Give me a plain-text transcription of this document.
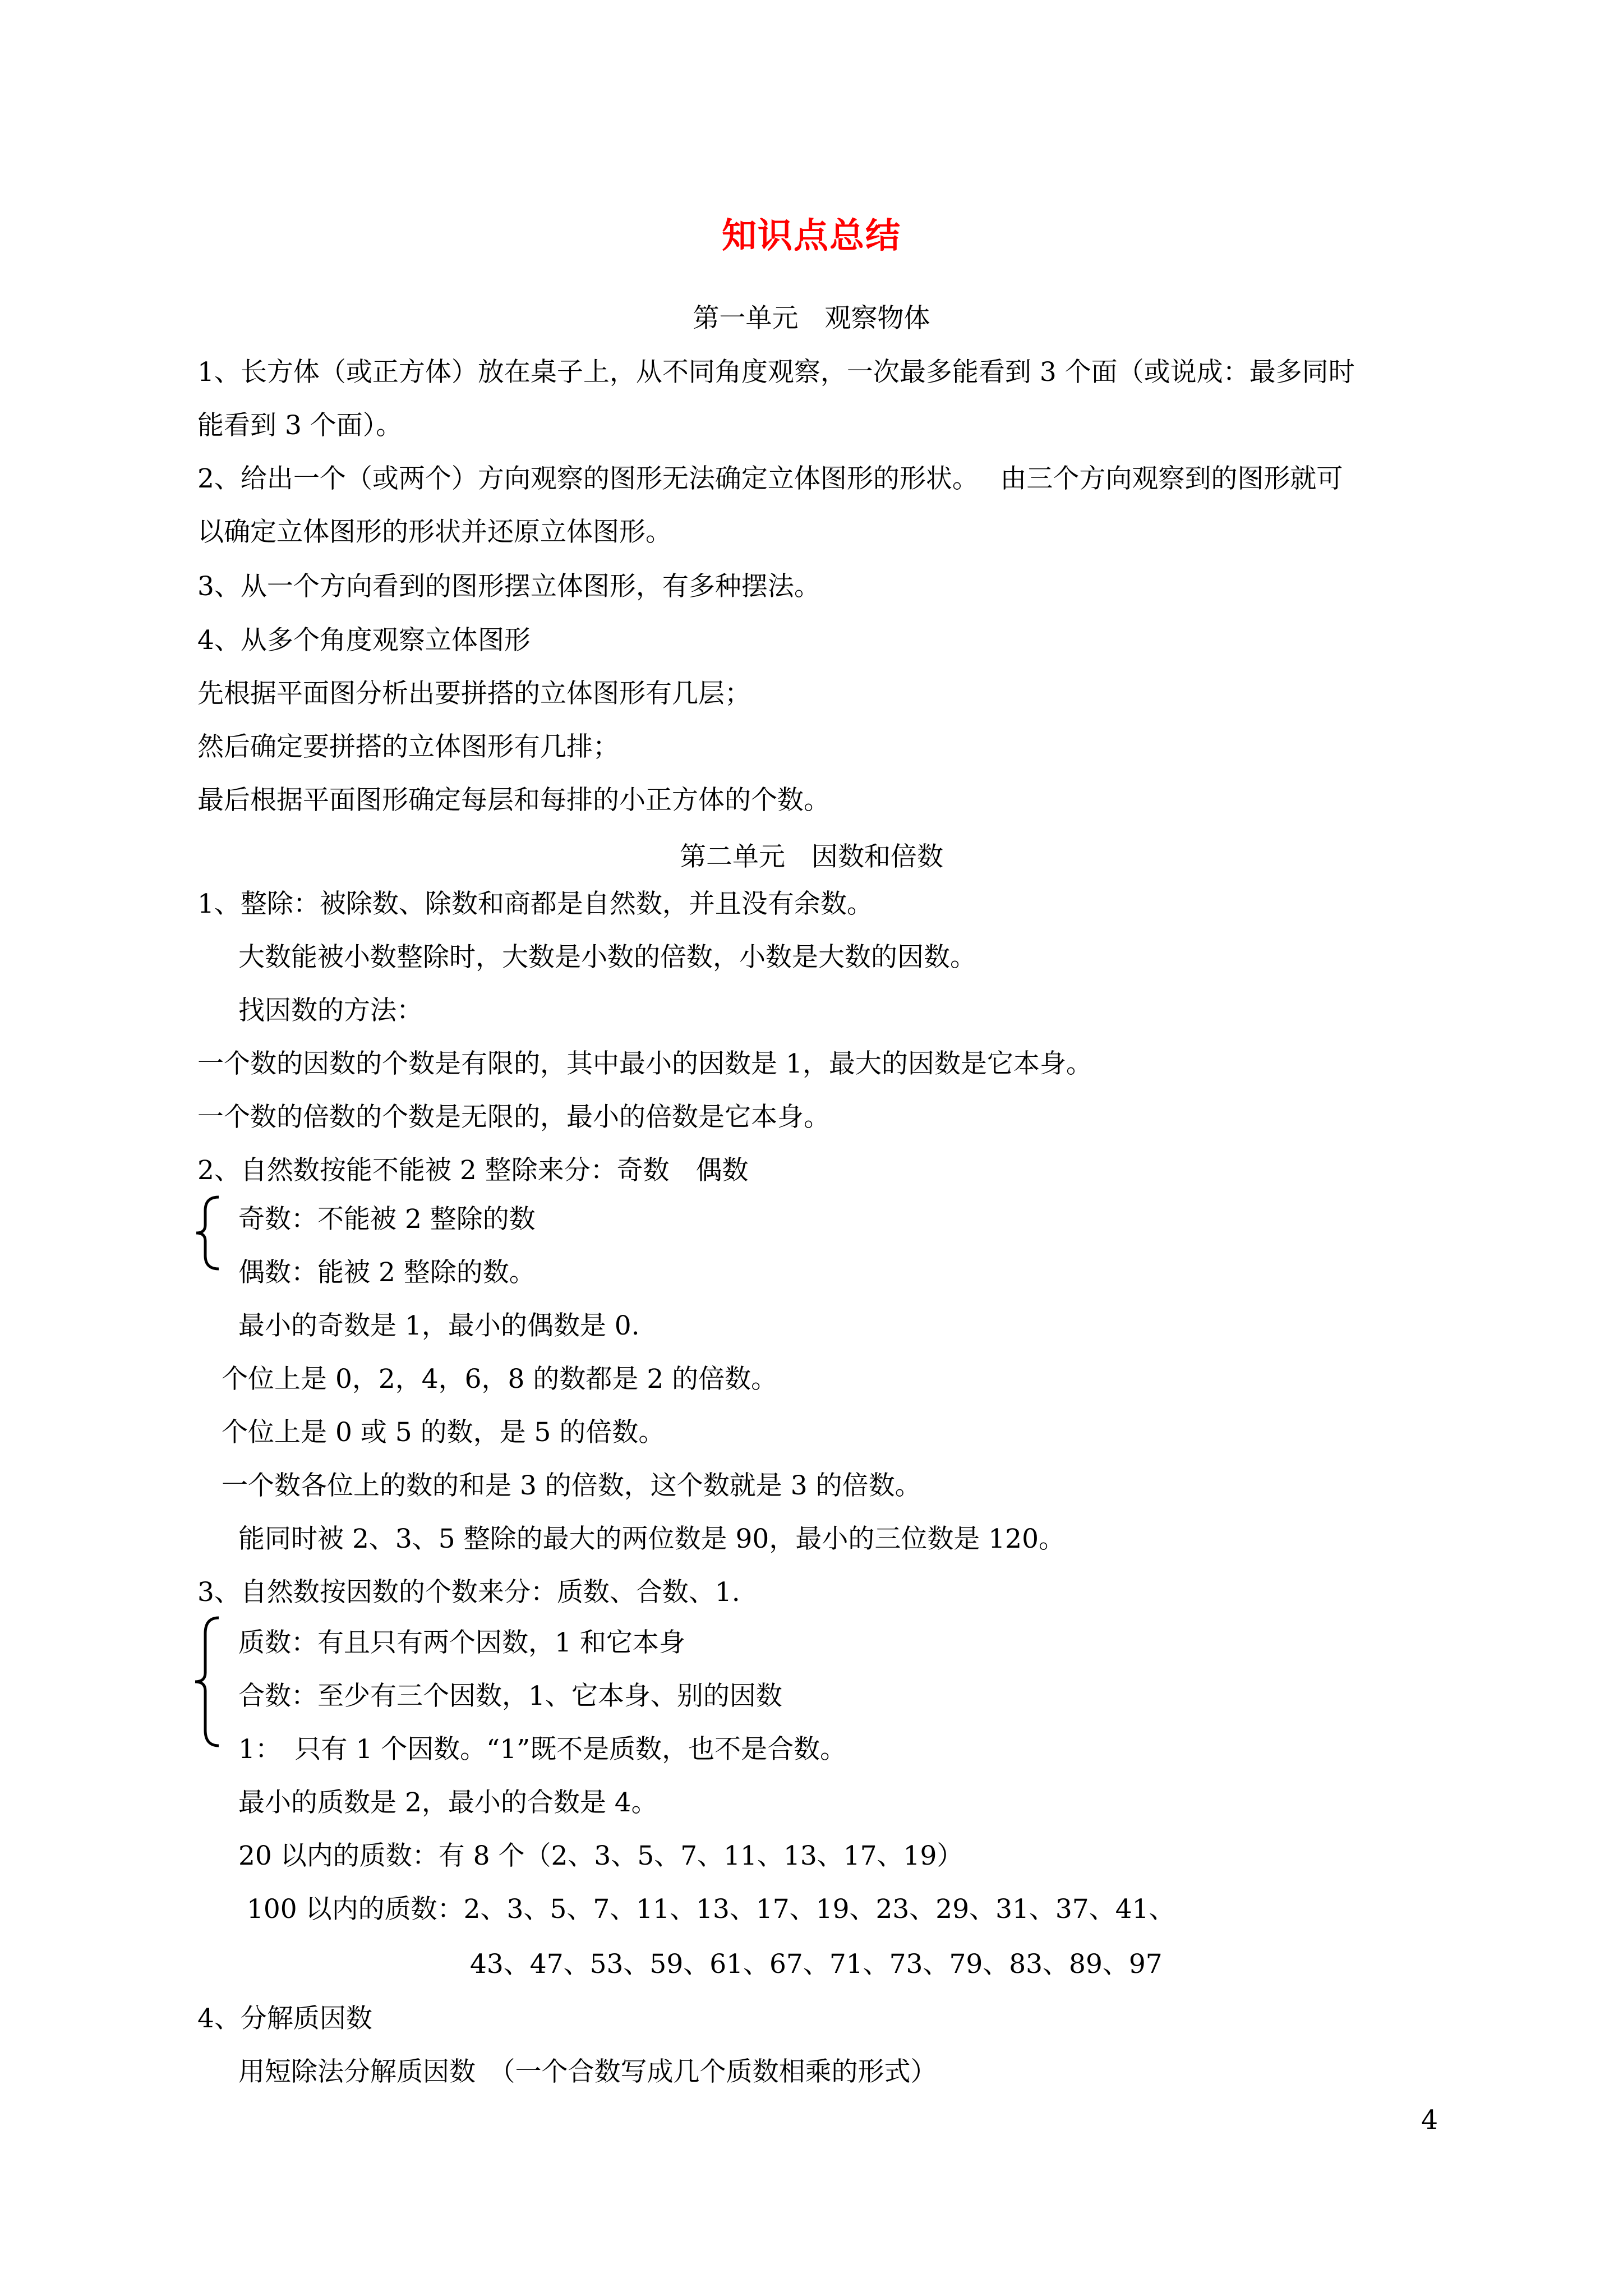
知识点总结
第一单元　观察物体
1、长方体（或正方体）放在桌子上，从不同角度观察，一次最多能看到 3 个面（或说成：最多同时
能看到 3 个面）。
2、给出一个（或两个）方向观察的图形无法确定立体图形的形状。　 由三个方向观察到的图形就可
以确定立体图形的形状并还原立体图形。
3、从一个方向看到的图形摆立体图形，有多种摆法。
4、从多个角度观察立体图形
先根据平面图分析出要拼搭的立体图形有几层；
然后确定要拼搭的立体图形有几排；
最后根据平面图形确定每层和每排的小正方体的个数。
第二单元　因数和倍数
1、整除：被除数、除数和商都是自然数，并且没有余数。
大数能被小数整除时，大数是小数的倍数，小数是大数的因数。
找因数的方法：
一个数的因数的个数是有限的，其中最小的因数是 1，最大的因数是它本身。
一个数的倍数的个数是无限的，最小的倍数是它本身。
2、自然数按能不能被 2 整除来分：奇数　偶数
奇数：不能被 2 整除的数
偶数：能被 2 整除的数。
最小的奇数是 1，最小的偶数是 0.
个位上是 0，2，4，6，8 的数都是 2 的倍数。
个位上是 0 或 5 的数，是 5 的倍数。
一个数各位上的数的和是 3 的倍数，这个数就是 3 的倍数。
能同时被 2、3、5 整除的最大的两位数是 90，最小的三位数是 120。
3、自然数按因数的个数来分：质数、合数、1.
质数：有且只有两个因数，1 和它本身
合数：至少有三个因数，1、它本身、别的因数
1：　只有 1 个因数。“1”既不是质数，也不是合数。
最小的质数是 2，最小的合数是 4。
20 以内的质数：有 8 个（2、3、5、7、11、13、17、19）
100 以内的质数：2、3、5、7、11、13、17、19、23、29、31、37、41、
43、47、53、59、61、67、71、73、79、83、89、97
4、分解质因数
用短除法分解质因数　（一个合数写成几个质数相乘的形式）
4
